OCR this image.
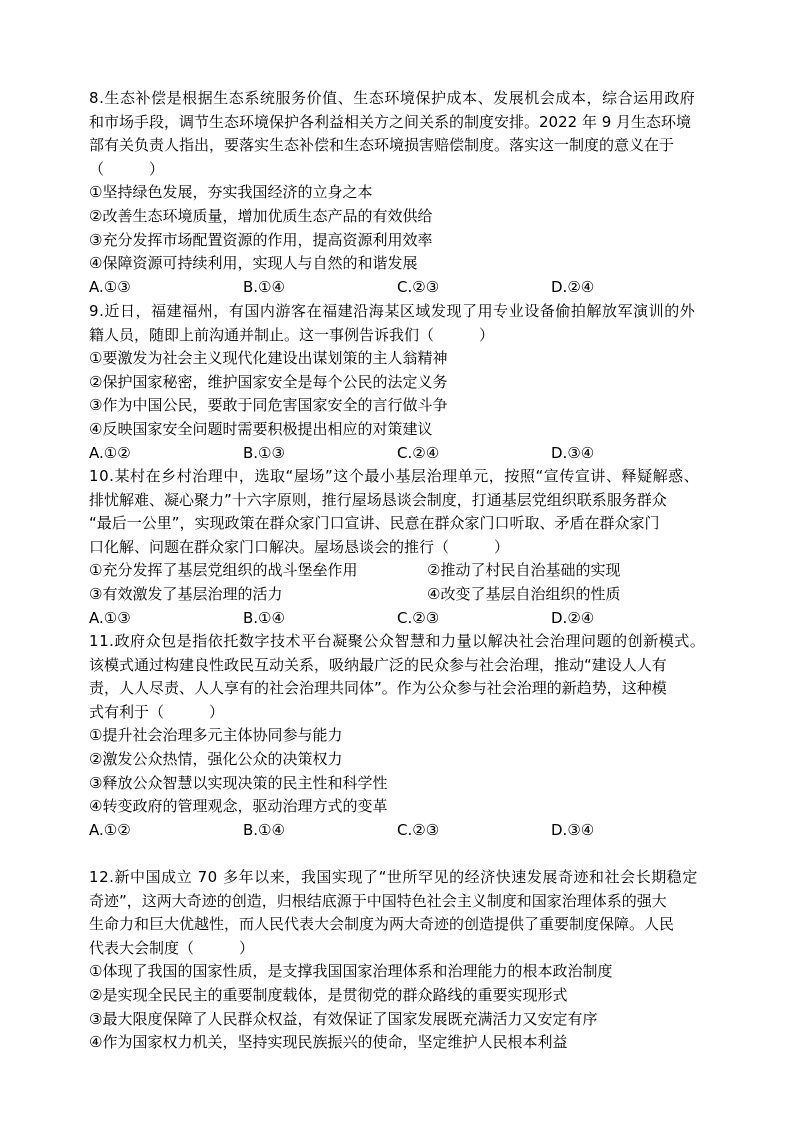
8.生态补偿是根据生态系统服务价值、生态环境保护成本、发展机会成本，综合运用政府
和市场手段，调节生态环境保护各利益相关方之间关系的制度安排。2022 年 9 月生态环境
部有关负责人指出，要落实生态补偿和生态环境损害赔偿制度。落实这一制度的意义在于
（　　　）
①坚持绿色发展，夯实我国经济的立身之本
②改善生态环境质量，增加优质生态产品的有效供给
③充分发挥市场配置资源的作用，提高资源利用效率
④保障资源可持续利用，实现人与自然的和谐发展
A.①③	B.①④	C.②③	D.②④
9.近日，福建福州，有国内游客在福建沿海某区域发现了用专业设备偷拍解放军演训的外
籍人员，随即上前沟通并制止。这一事例告诉我们（　　　）
①要激发为社会主义现代化建设出谋划策的主人翁精神
②保护国家秘密，维护国家安全是每个公民的法定义务
③作为中国公民，要敢于同危害国家安全的言行做斗争
④反映国家安全问题时需要积极提出相应的对策建议
A.①②	B.①③	C.②④	D.③④
10.某村在乡村治理中，选取“屋场”这个最小基层治理单元，按照“宣传宣讲、释疑解惑、
排忧解难、凝心聚力”十六字原则，推行屋场恳谈会制度，打通基层党组织联系服务群众
“最后一公里”，实现政策在群众家门口宣讲、民意在群众家门口听取、矛盾在群众家门
口化解、问题在群众家门口解决。屋场恳谈会的推行（　　　）
①充分发挥了基层党组织的战斗堡垒作用	②推动了村民自治基础的实现
③有效激发了基层治理的活力	④改变了基层自治组织的性质
A.①③	B.①④	C.②③	D.②④
11.政府众包是指依托数字技术平台凝聚公众智慧和力量以解决社会治理问题的创新模式。
该模式通过构建良性政民互动关系，吸纳最广泛的民众参与社会治理，推动“建设人人有
责，人人尽责、人人享有的社会治理共同体”。作为公众参与社会治理的新趋势，这种模
式有利于（　　　）
①提升社会治理多元主体协同参与能力
②激发公众热情，强化公众的决策权力
③释放公众智慧以实现决策的民主性和科学性
④转变政府的管理观念，驱动治理方式的变革
A.①②	B.①④	C.②③	D.③④
12.新中国成立 70 多年以来，我国实现了“世所罕见的经济快速发展奇迹和社会长期稳定
奇迹”，这两大奇迹的创造，归根结底源于中国特色社会主义制度和国家治理体系的强大
生命力和巨大优越性，而人民代表大会制度为两大奇迹的创造提供了重要制度保障。人民
代表大会制度（　　　）
①体现了我国的国家性质，是支撑我国国家治理体系和治理能力的根本政治制度
②是实现全民民主的重要制度载体，是贯彻党的群众路线的重要实现形式
③最大限度保障了人民群众权益，有效保证了国家发展既充满活力又安定有序
④作为国家权力机关，坚持实现民族振兴的使命，坚定维护人民根本利益
